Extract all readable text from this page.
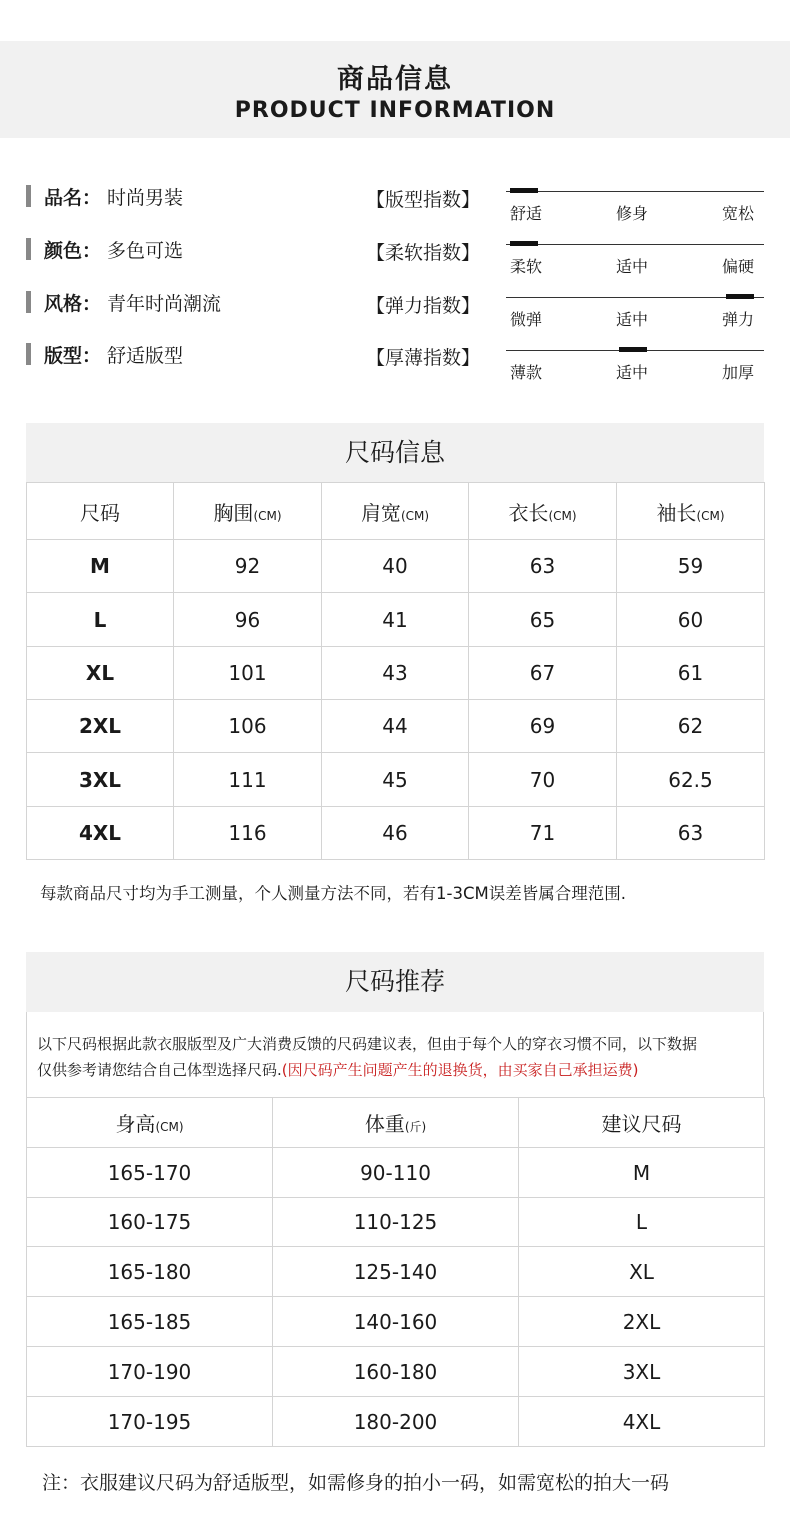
商品信息
PRODUCT INFORMATION
品名： 时尚男装
颜色： 多色可选
风格： 青年时尚潮流
版型： 舒适版型
【版型指数】
【柔软指数】
【弹力指数】
【厚薄指数】
舒适	修身	宽松
柔软	适中	偏硬
微弹	适中	弹力
薄款	适中	加厚
尺码信息
尺码	胸围(CM)	肩宽(CM)	衣长(CM)	袖长(CM)
M	92	40	63	59
L	96	41	65	60
XL	101	43	67	61
2XL	106	44	69	62
3XL	111	45	70	62.5
4XL	116	46	71	63
每款商品尺寸均为手工测量，个人测量方法不同，若有1-3CM误差皆属合理范围.
尺码推荐
以下尺码根据此款衣服版型及广大消费反馈的尺码建议表，但由于每个人的穿衣习惯不同，以下数据
仅供参考请您结合自己体型选择尺码.(因尺码产生问题产生的退换货，由买家自己承担运费)
身高(CM)	体重(斤)	建议尺码
165-170	90-110	M
160-175	110-125	L
165-180	125-140	XL
165-185	140-160	2XL
170-190	160-180	3XL
170-195	180-200	4XL
注：衣服建议尺码为舒适版型，如需修身的拍小一码，如需宽松的拍大一码
